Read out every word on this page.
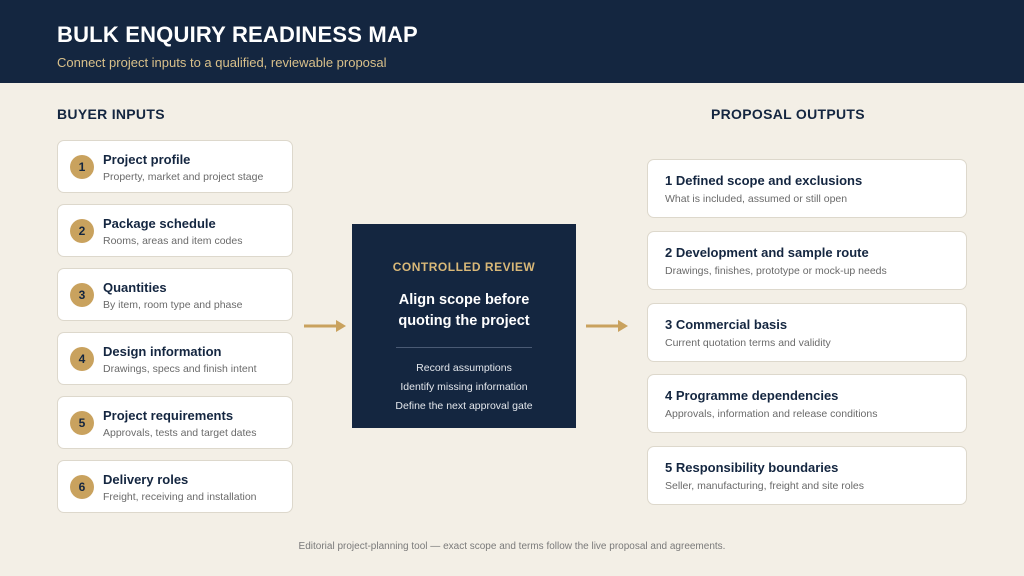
BULK ENQUIRY READINESS MAP
Connect project inputs to a qualified, reviewable proposal
BUYER INPUTS	PROPOSAL OUTPUTS
1	Project profile
Property, market and project stage
2	Package schedule
Rooms, areas and item codes
3	Quantities
By item, room type and phase
4	Design information
Drawings, specs and finish intent
5	Project requirements
Approvals, tests and target dates
6	Delivery roles
Freight, receiving and installation
CONTROLLED REVIEW
Align scope before quoting the project
Record assumptions
Identify missing information
Define the next approval gate
1 Defined scope and exclusions
What is included, assumed or still open
2 Development and sample route
Drawings, finishes, prototype or mock-up needs
3 Commercial basis
Current quotation terms and validity
4 Programme dependencies
Approvals, information and release conditions
5 Responsibility boundaries
Seller, manufacturing, freight and site roles
Editorial project-planning tool — exact scope and terms follow the live proposal and agreements.
